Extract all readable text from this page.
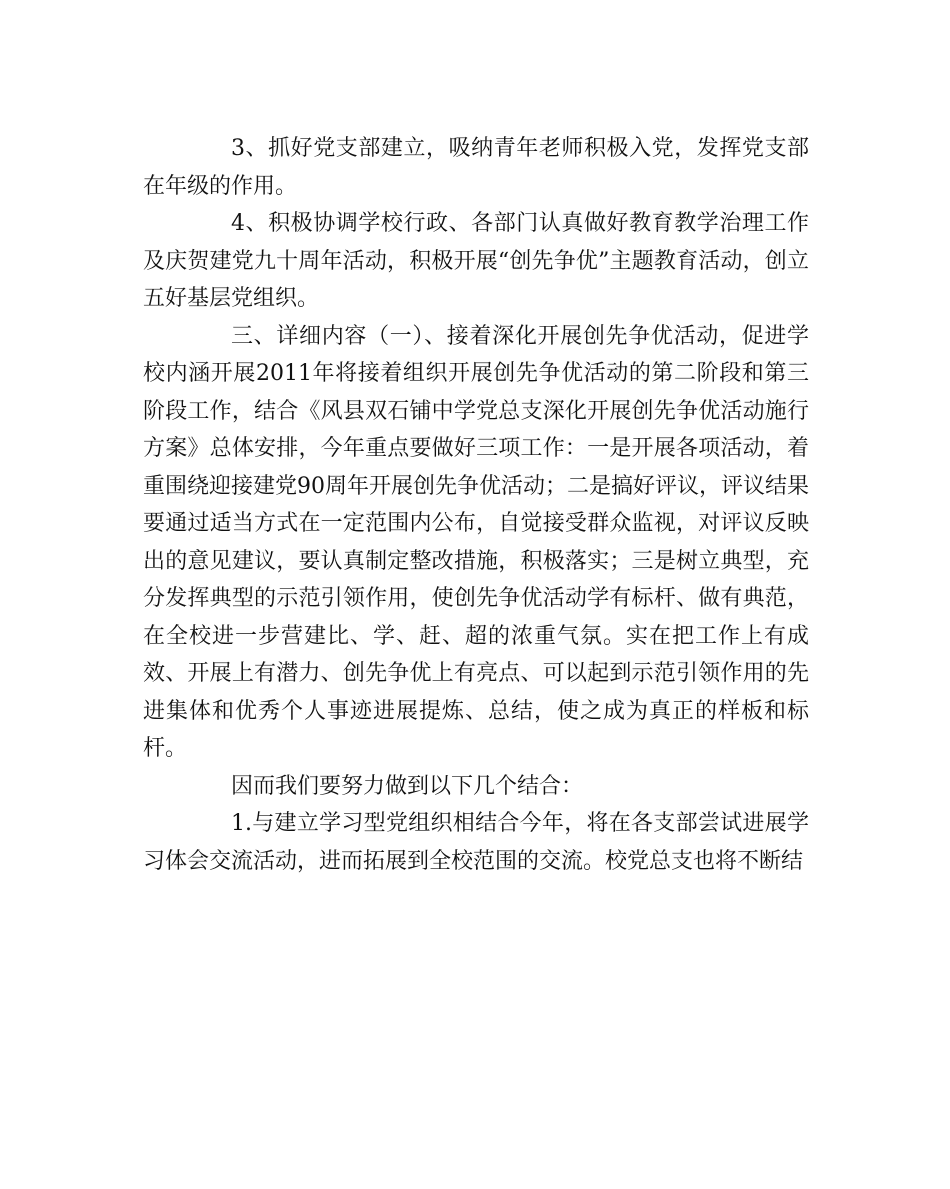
3、抓好党支部建立，吸纳青年老师积极入党，发挥党支部在年级的作用。

4、积极协调学校行政、各部门认真做好教育教学治理工作及庆贺建党九十周年活动，积极开展“创先争优”主题教育活动，创立五好基层党组织。

三、详细内容（一）、接着深化开展创先争优活动，促进学校内涵开展2011年将接着组织开展创先争优活动的第二阶段和第三阶段工作，结合《风县双石铺中学党总支深化开展创先争优活动施行方案》总体安排，今年重点要做好三项工作：一是开展各项活动，着重围绕迎接建党90周年开展创先争优活动；二是搞好评议，评议结果要通过适当方式在一定范围内公布，自觉接受群众监视，对评议反映出的意见建议，要认真制定整改措施，积极落实；三是树立典型，充分发挥典型的示范引领作用，使创先争优活动学有标杆、做有典范，在全校进一步营建比、学、赶、超的浓重气氛。实在把工作上有成效、开展上有潜力、创先争优上有亮点、可以起到示范引领作用的先进集体和优秀个人事迹进展提炼、总结，使之成为真正的样板和标杆。

因而我们要努力做到以下几个结合：

1.与建立学习型党组织相结合今年，将在各支部尝试进展学习体会交流活动，进而拓展到全校范围的交流。校党总支也将不断结
